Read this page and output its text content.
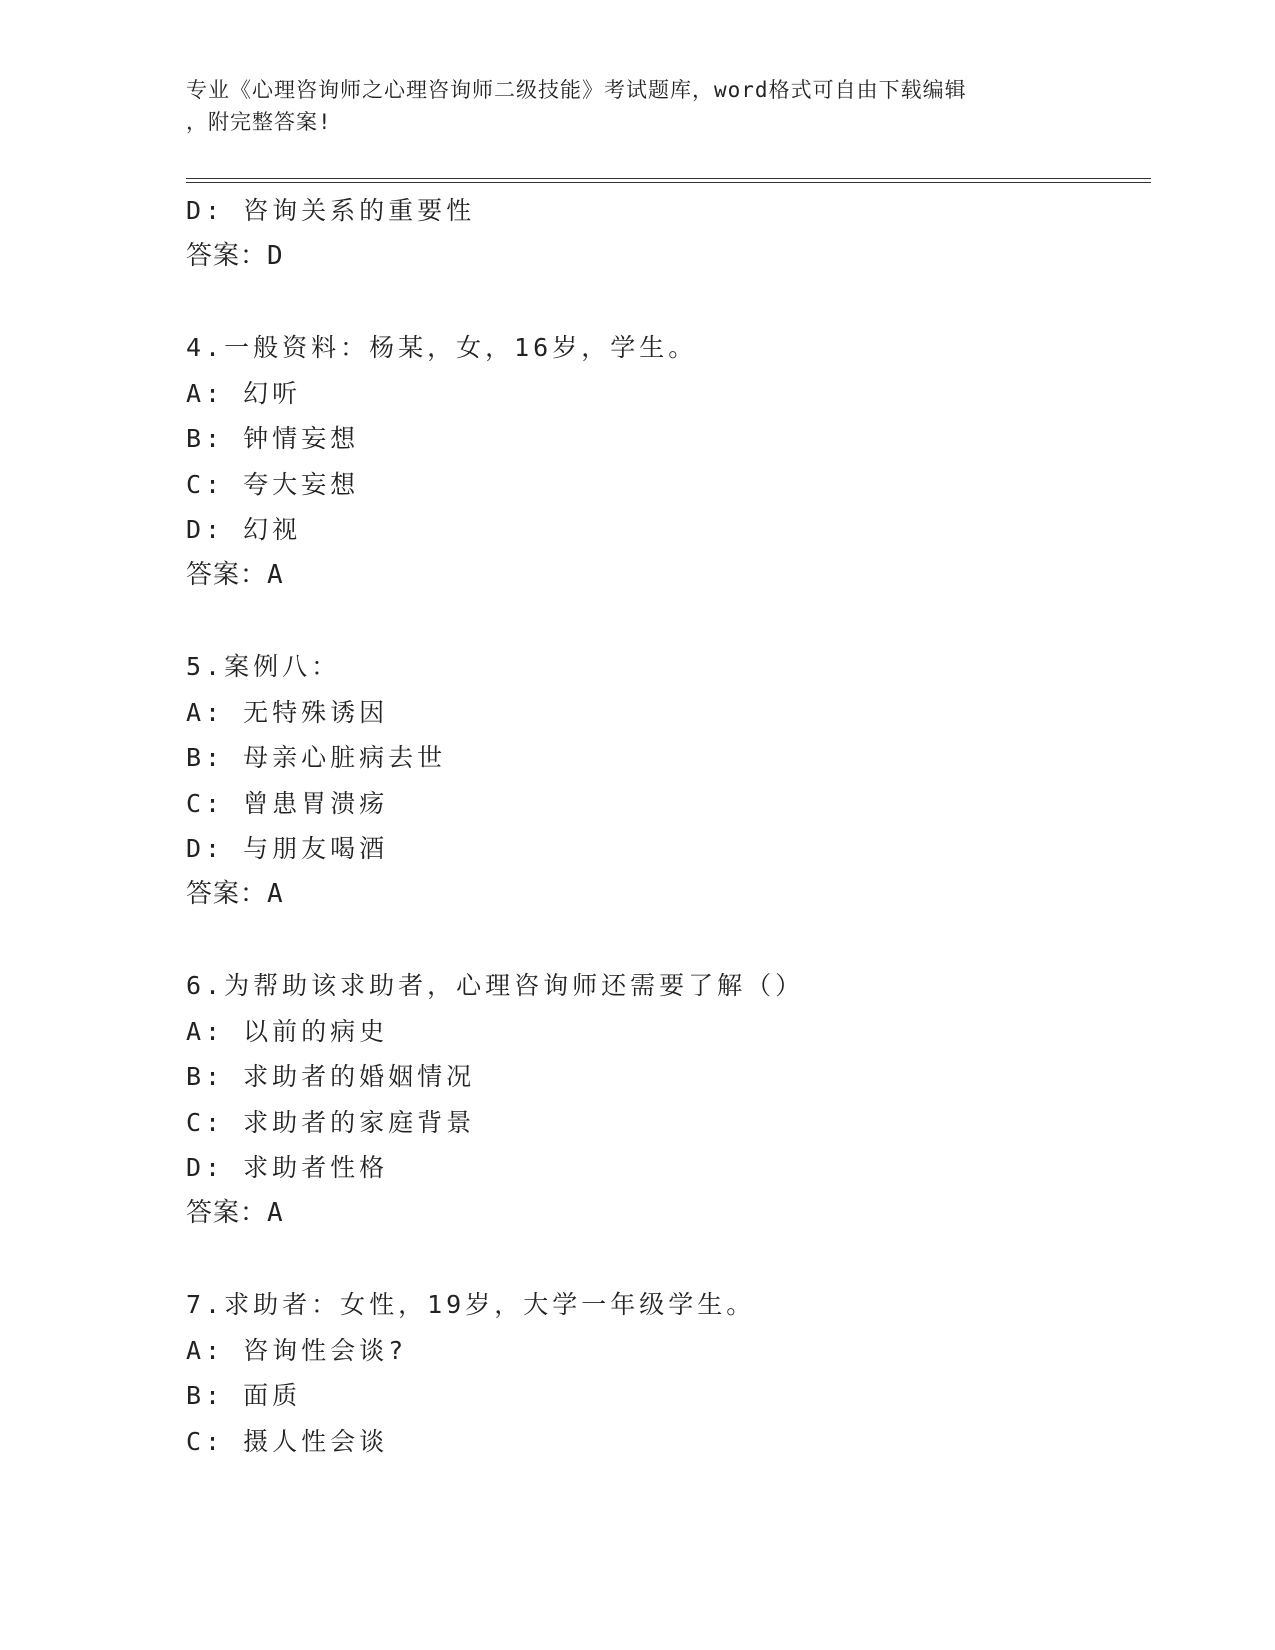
专业《心理咨询师之心理咨询师二级技能》考试题库，word格式可自由下载编辑
，附完整答案!
D: 咨询关系的重要性
答案：D
4.一般资料：杨某，女，16岁，学生。
A: 幻听
B: 钟情妄想
C: 夸大妄想
D: 幻视
答案：A
5.案例八：
A: 无特殊诱因
B: 母亲心脏病去世
C: 曾患胃溃疡
D: 与朋友喝酒
答案：A
6.为帮助该求助者，心理咨询师还需要了解（）
A: 以前的病史
B: 求助者的婚姻情况
C: 求助者的家庭背景
D: 求助者性格
答案：A
7.求助者：女性，19岁，大学一年级学生。
A: 咨询性会谈?
B: 面质
C: 摄人性会谈
